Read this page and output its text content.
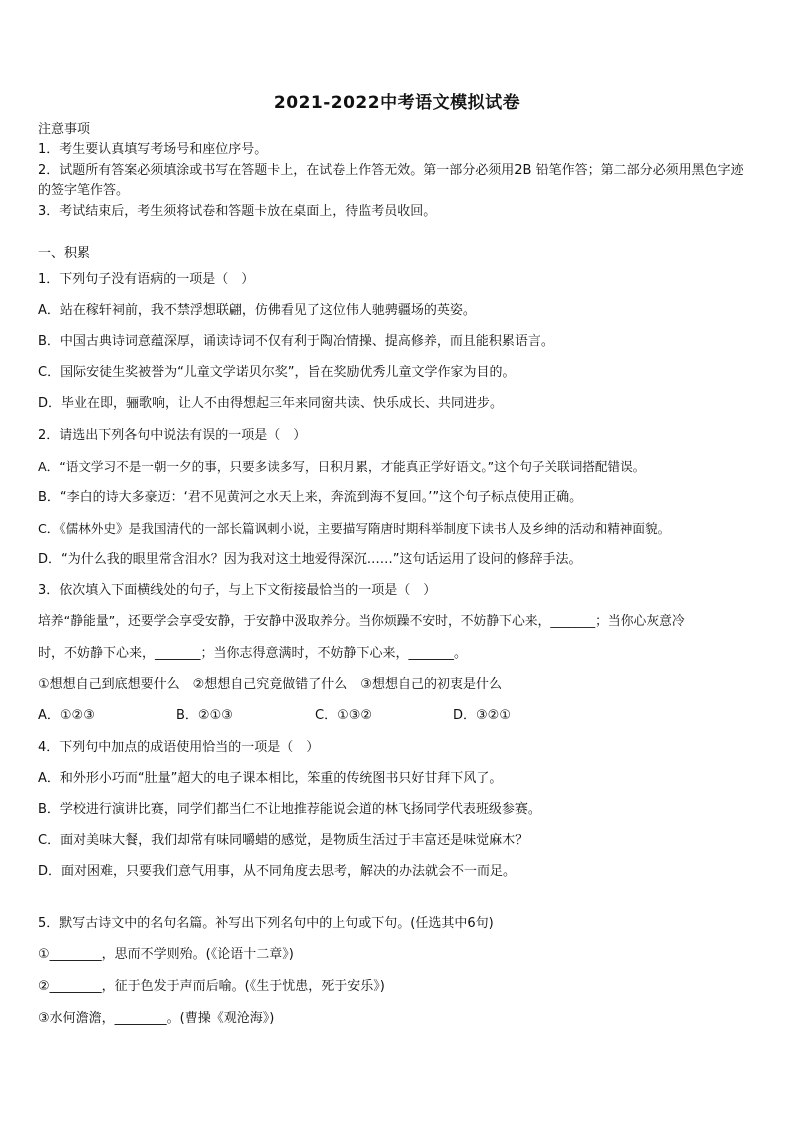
2021-2022中考语文模拟试卷
注意事项
1．考生要认真填写考场号和座位序号。
2．试题所有答案必须填涂或书写在答题卡上，在试卷上作答无效。第一部分必须用2B 铅笔作答；第二部分必须用黑色字迹的签字笔作答。
3．考试结束后，考生须将试卷和答题卡放在桌面上，待监考员收回。
一、积累
1．下列句子没有语病的一项是（　）
A．站在稼轩祠前，我不禁浮想联翩，仿佛看见了这位伟人驰骋疆场的英姿。
B．中国古典诗词意蕴深厚，诵读诗词不仅有利于陶冶情操、提高修养，而且能积累语言。
C．国际安徒生奖被誉为“儿童文学诺贝尔奖”，旨在奖励优秀儿童文学作家为目的。
D．毕业在即，骊歌响，让人不由得想起三年来同窗共读、快乐成长、共同进步。
2．请选出下列各句中说法有误的一项是（　）
A．“语文学习不是一朝一夕的事，只要多读多写，日积月累，才能真正学好语文。”这个句子关联词搭配错误。
B．“李白的诗大多豪迈：‘君不见黄河之水天上来，奔流到海不复回。’”这个句子标点使用正确。
C．《儒林外史》是我国清代的一部长篇讽刺小说，主要描写隋唐时期科举制度下读书人及乡绅的活动和精神面貌。
D．“为什么我的眼里常含泪水？因为我对这土地爱得深沉……”这句话运用了设问的修辞手法。
3．依次填入下面横线处的句子，与上下文衔接最恰当的一项是（　）
培养“静能量”，还要学会享受安静，于安静中汲取养分。当你烦躁不安时，不妨静下心来，_______；当你心灰意冷
时，不妨静下心来，_______；当你志得意满时，不妨静下心来，_______。
①想想自己到底想要什么　②想想自己究竟做错了什么　③想想自己的初衷是什么
A．①②③	B．②①③	C．①③②	D．③②①
4．下列句中加点的成语使用恰当的一项是（　）
A．和外形小巧而“肚量”超大的电子课本相比，笨重的传统图书只好甘拜下风了。
B．学校进行演讲比赛，同学们都当仁不让地推荐能说会道的林飞扬同学代表班级参赛。
C．面对美味大餐，我们却常有味同嚼蜡的感觉，是物质生活过于丰富还是味觉麻木？
D．面对困难，只要我们意气用事，从不同角度去思考，解决的办法就会不一而足。
5．默写古诗文中的名句名篇。补写出下列名句中的上句或下句。(任选其中6句)
①________，思而不学则殆。(《论语十二章》)
②________，征于色发于声而后喻。(《生于忧患，死于安乐》)
③水何澹澹，________。(曹操《观沧海》)
